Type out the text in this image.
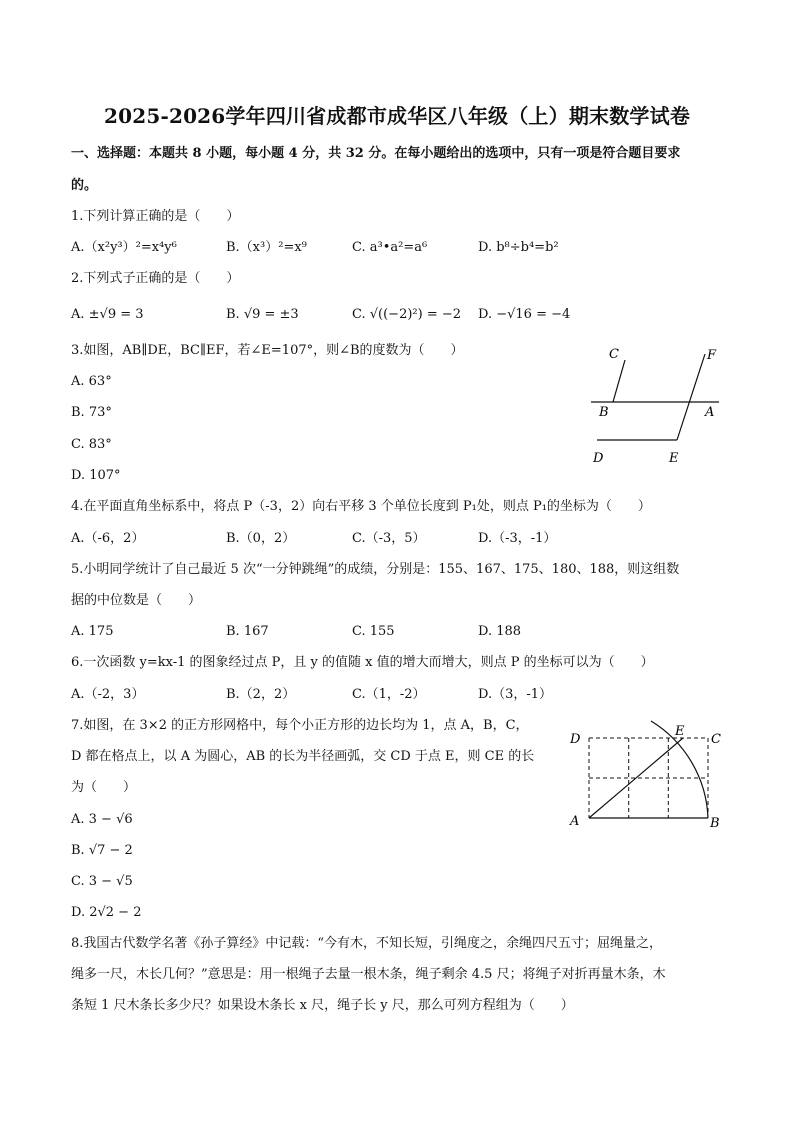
2025-2026学年四川省成都市成华区八年级（上）期末数学试卷
一、选择题：本题共 8 小题，每小题 4 分，共 32 分。在每小题给出的选项中，只有一项是符合题目要求
的。
1.下列计算正确的是（　　）
A.（x²y³）²=x⁴y⁶	B.（x³）²=x⁹	C. a³•a²=a⁶	D. b⁸÷b⁴=b²
2.下列式子正确的是（　　）
A. ±√9 = 3	B. √9 = ±3	C. √((−2)²) = −2 D. −√16 = −4
3.如图，AB∥DE，BC∥EF，若∠E=107°，则∠B的度数为（　　）
A. 63°
B. 73°
C. 83°
D. 107°
C	F
B	A
D	E
4.在平面直角坐标系中，将点 P（-3，2）向右平移 3 个单位长度到 P₁处，则点 P₁的坐标为（　　）
A.（-6，2）	B.（0，2）	C.（-3，5）	D.（-3，-1）
5.小明同学统计了自己最近 5 次“一分钟跳绳”的成绩，分别是：155、167、175、180、188，则这组数
据的中位数是（　　）
A. 175	B. 167	C. 155	D. 188
6.一次函数 y=kx-1 的图象经过点 P，且 y 的值随 x 值的增大而增大，则点 P 的坐标可以为（　　）
A.（-2，3）	B.（2，2）	C.（1，-2）	D.（3，-1）
7.如图，在 3×2 的正方形网格中，每个小正方形的边长均为 1，点 A，B，C，
D 都在格点上，以 A 为圆心，AB 的长为半径画弧，交 CD 于点 E，则 CE 的长
为（　　）
A. 3 − √6
B. √7 − 2
C. 3 − √5
D. 2√2 − 2
D
E
C
A	B
8.我国古代数学名著《孙子算经》中记载：“今有木，不知长短，引绳度之，余绳四尺五寸；屈绳量之，
绳多一尺，木长几何？”意思是：用一根绳子去量一根木条，绳子剩余 4.5 尺；将绳子对折再量木条，木
条短 1 尺木条长多少尺？如果设木条长 x 尺，绳子长 y 尺，那么可列方程组为（　　）
